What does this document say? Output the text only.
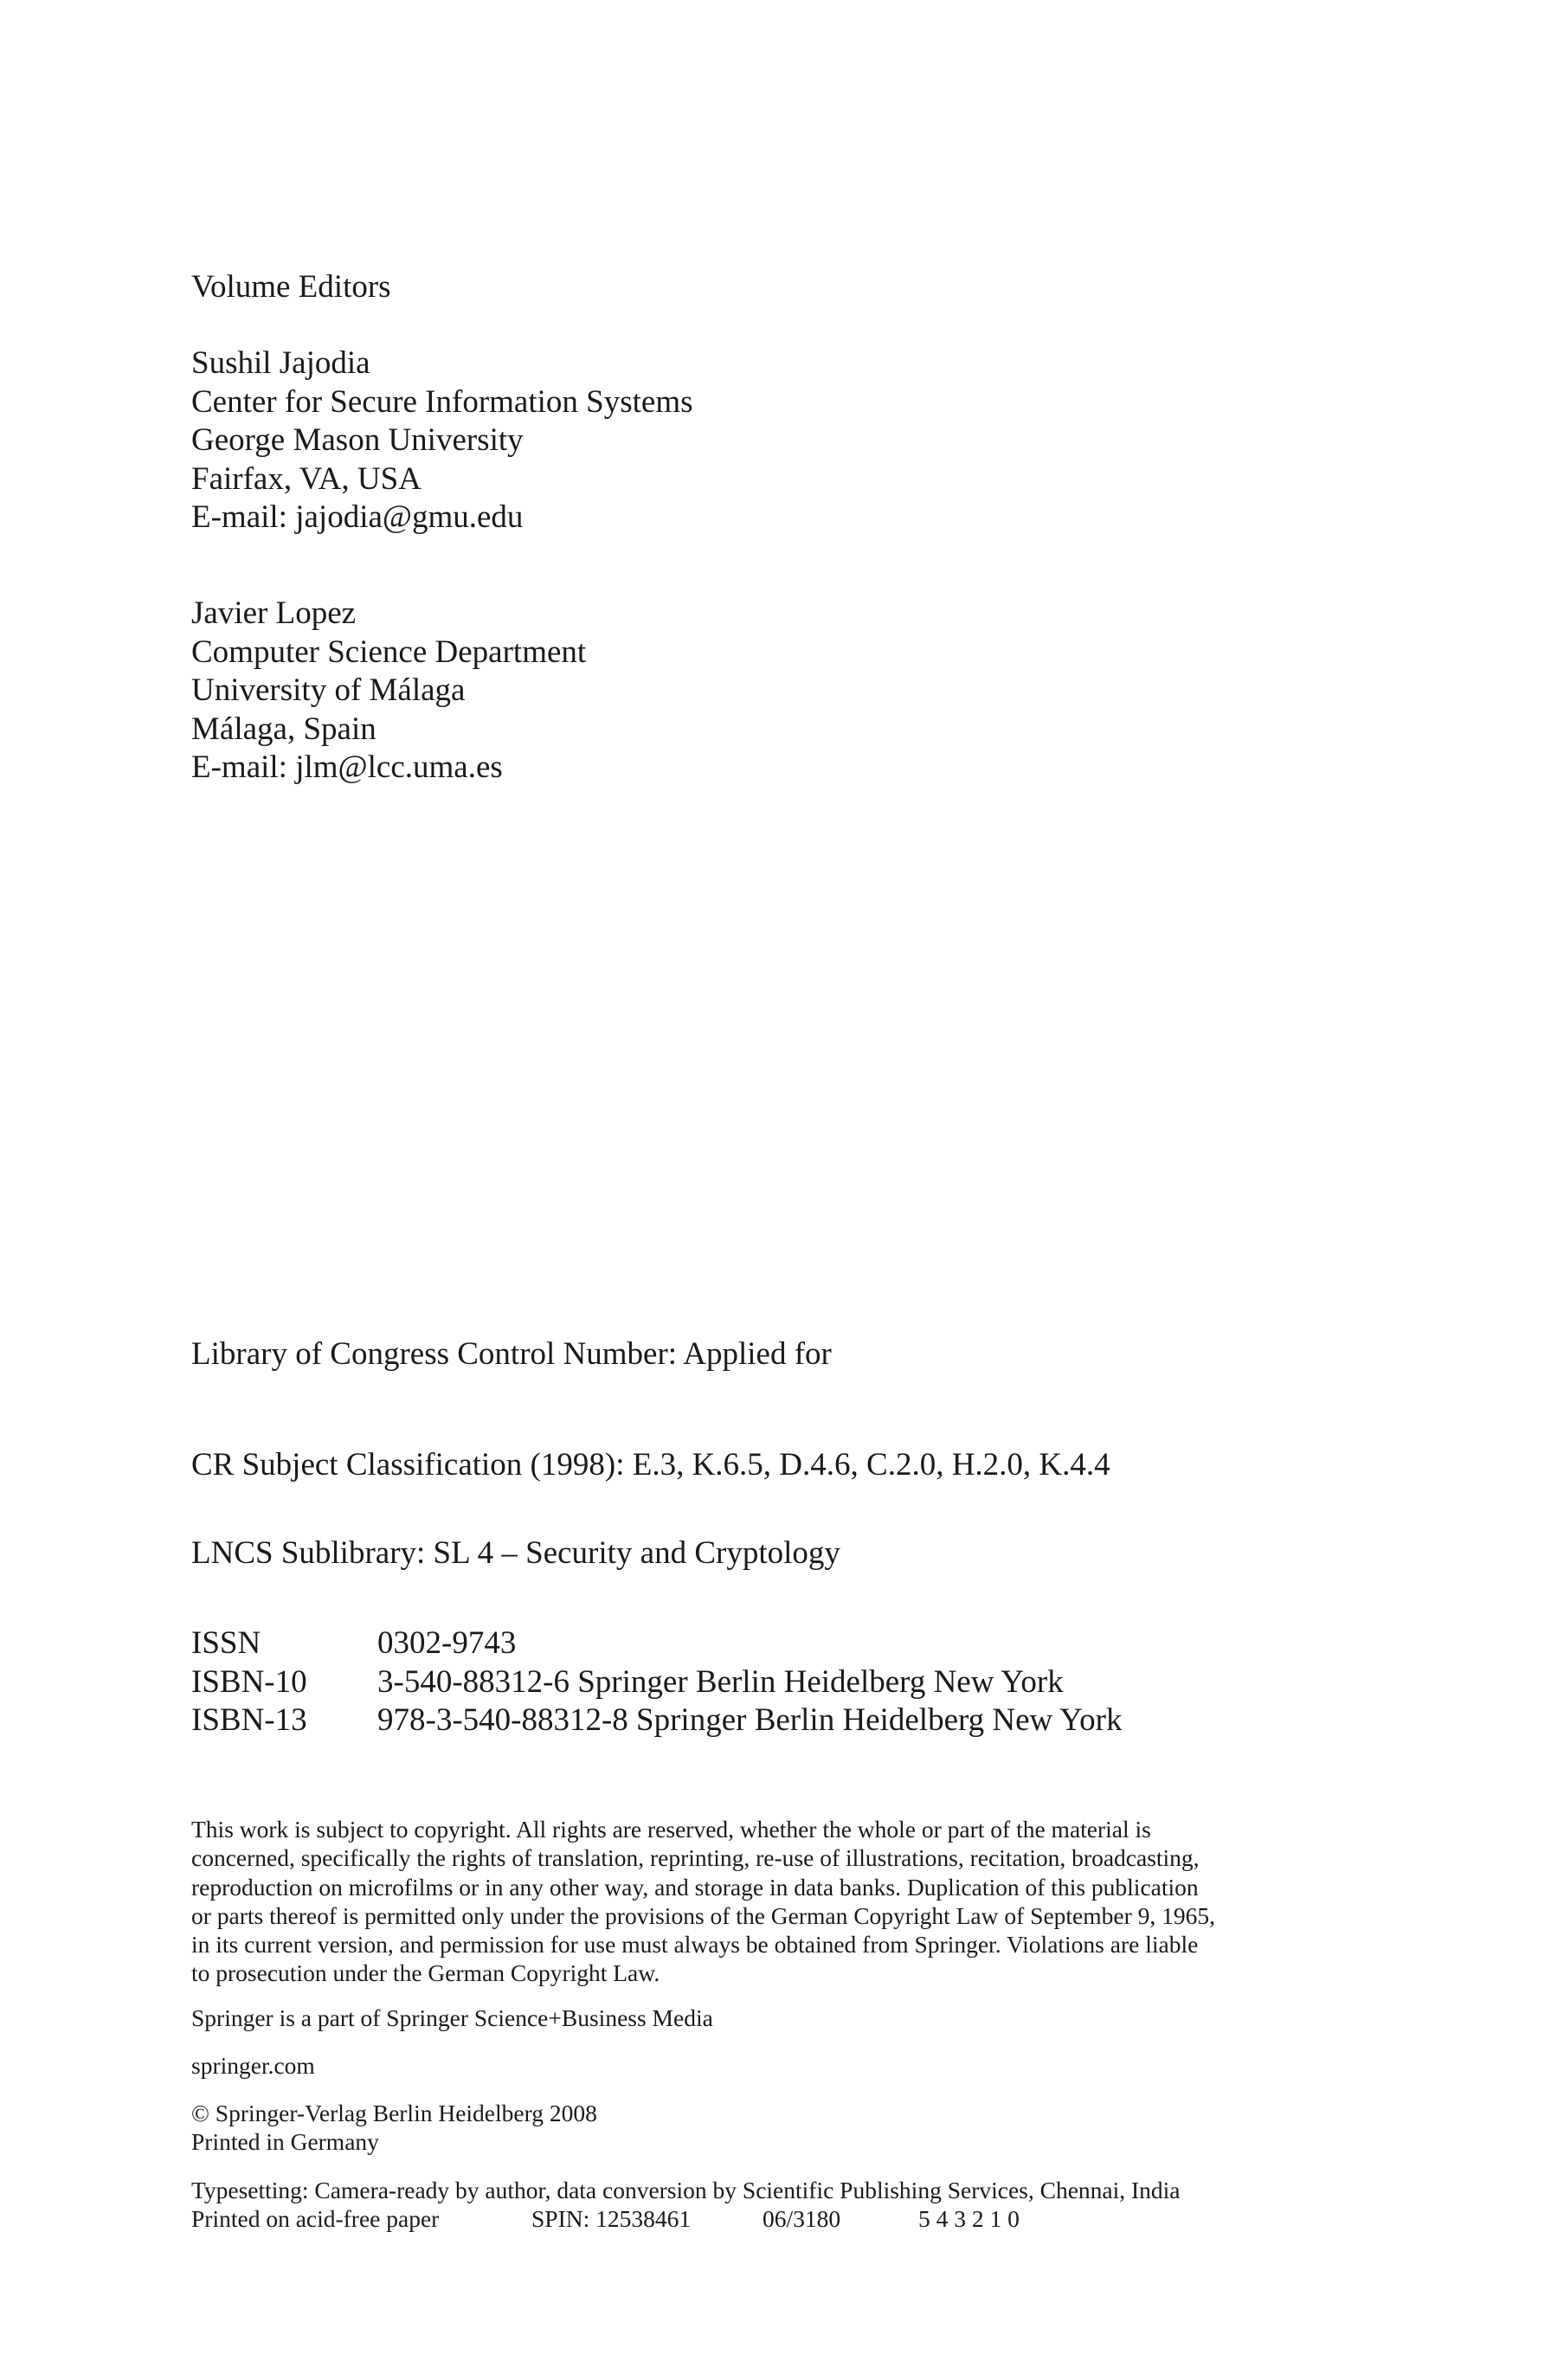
Volume Editors
Sushil Jajodia
Center for Secure Information Systems
George Mason University
Fairfax, VA, USA
E-mail: jajodia@gmu.edu
Javier Lopez
Computer Science Department
University of Málaga
Málaga, Spain
E-mail: jlm@lcc.uma.es
Library of Congress Control Number: Applied for
CR Subject Classification (1998): E.3, K.6.5, D.4.6, C.2.0, H.2.0, K.4.4
LNCS Sublibrary: SL 4 – Security and Cryptology
ISSN	0302-9743
ISBN-10 3-540-88312-6 Springer Berlin Heidelberg New York
ISBN-13 978-3-540-88312-8 Springer Berlin Heidelberg New York
This work is subject to copyright. All rights are reserved, whether the whole or part of the material is
concerned, specifically the rights of translation, reprinting, re-use of illustrations, recitation, broadcasting,
reproduction on microfilms or in any other way, and storage in data banks. Duplication of this publication
or parts thereof is permitted only under the provisions of the German Copyright Law of September 9, 1965,
in its current version, and permission for use must always be obtained from Springer. Violations are liable
to prosecution under the German Copyright Law.
Springer is a part of Springer Science+Business Media
springer.com
© Springer-Verlag Berlin Heidelberg 2008
Printed in Germany
Typesetting: Camera-ready by author, data conversion by Scientific Publishing Services, Chennai, India
Printed on acid-free paper	SPIN: 12538461	06/3180	5 4 3 2 1 0
